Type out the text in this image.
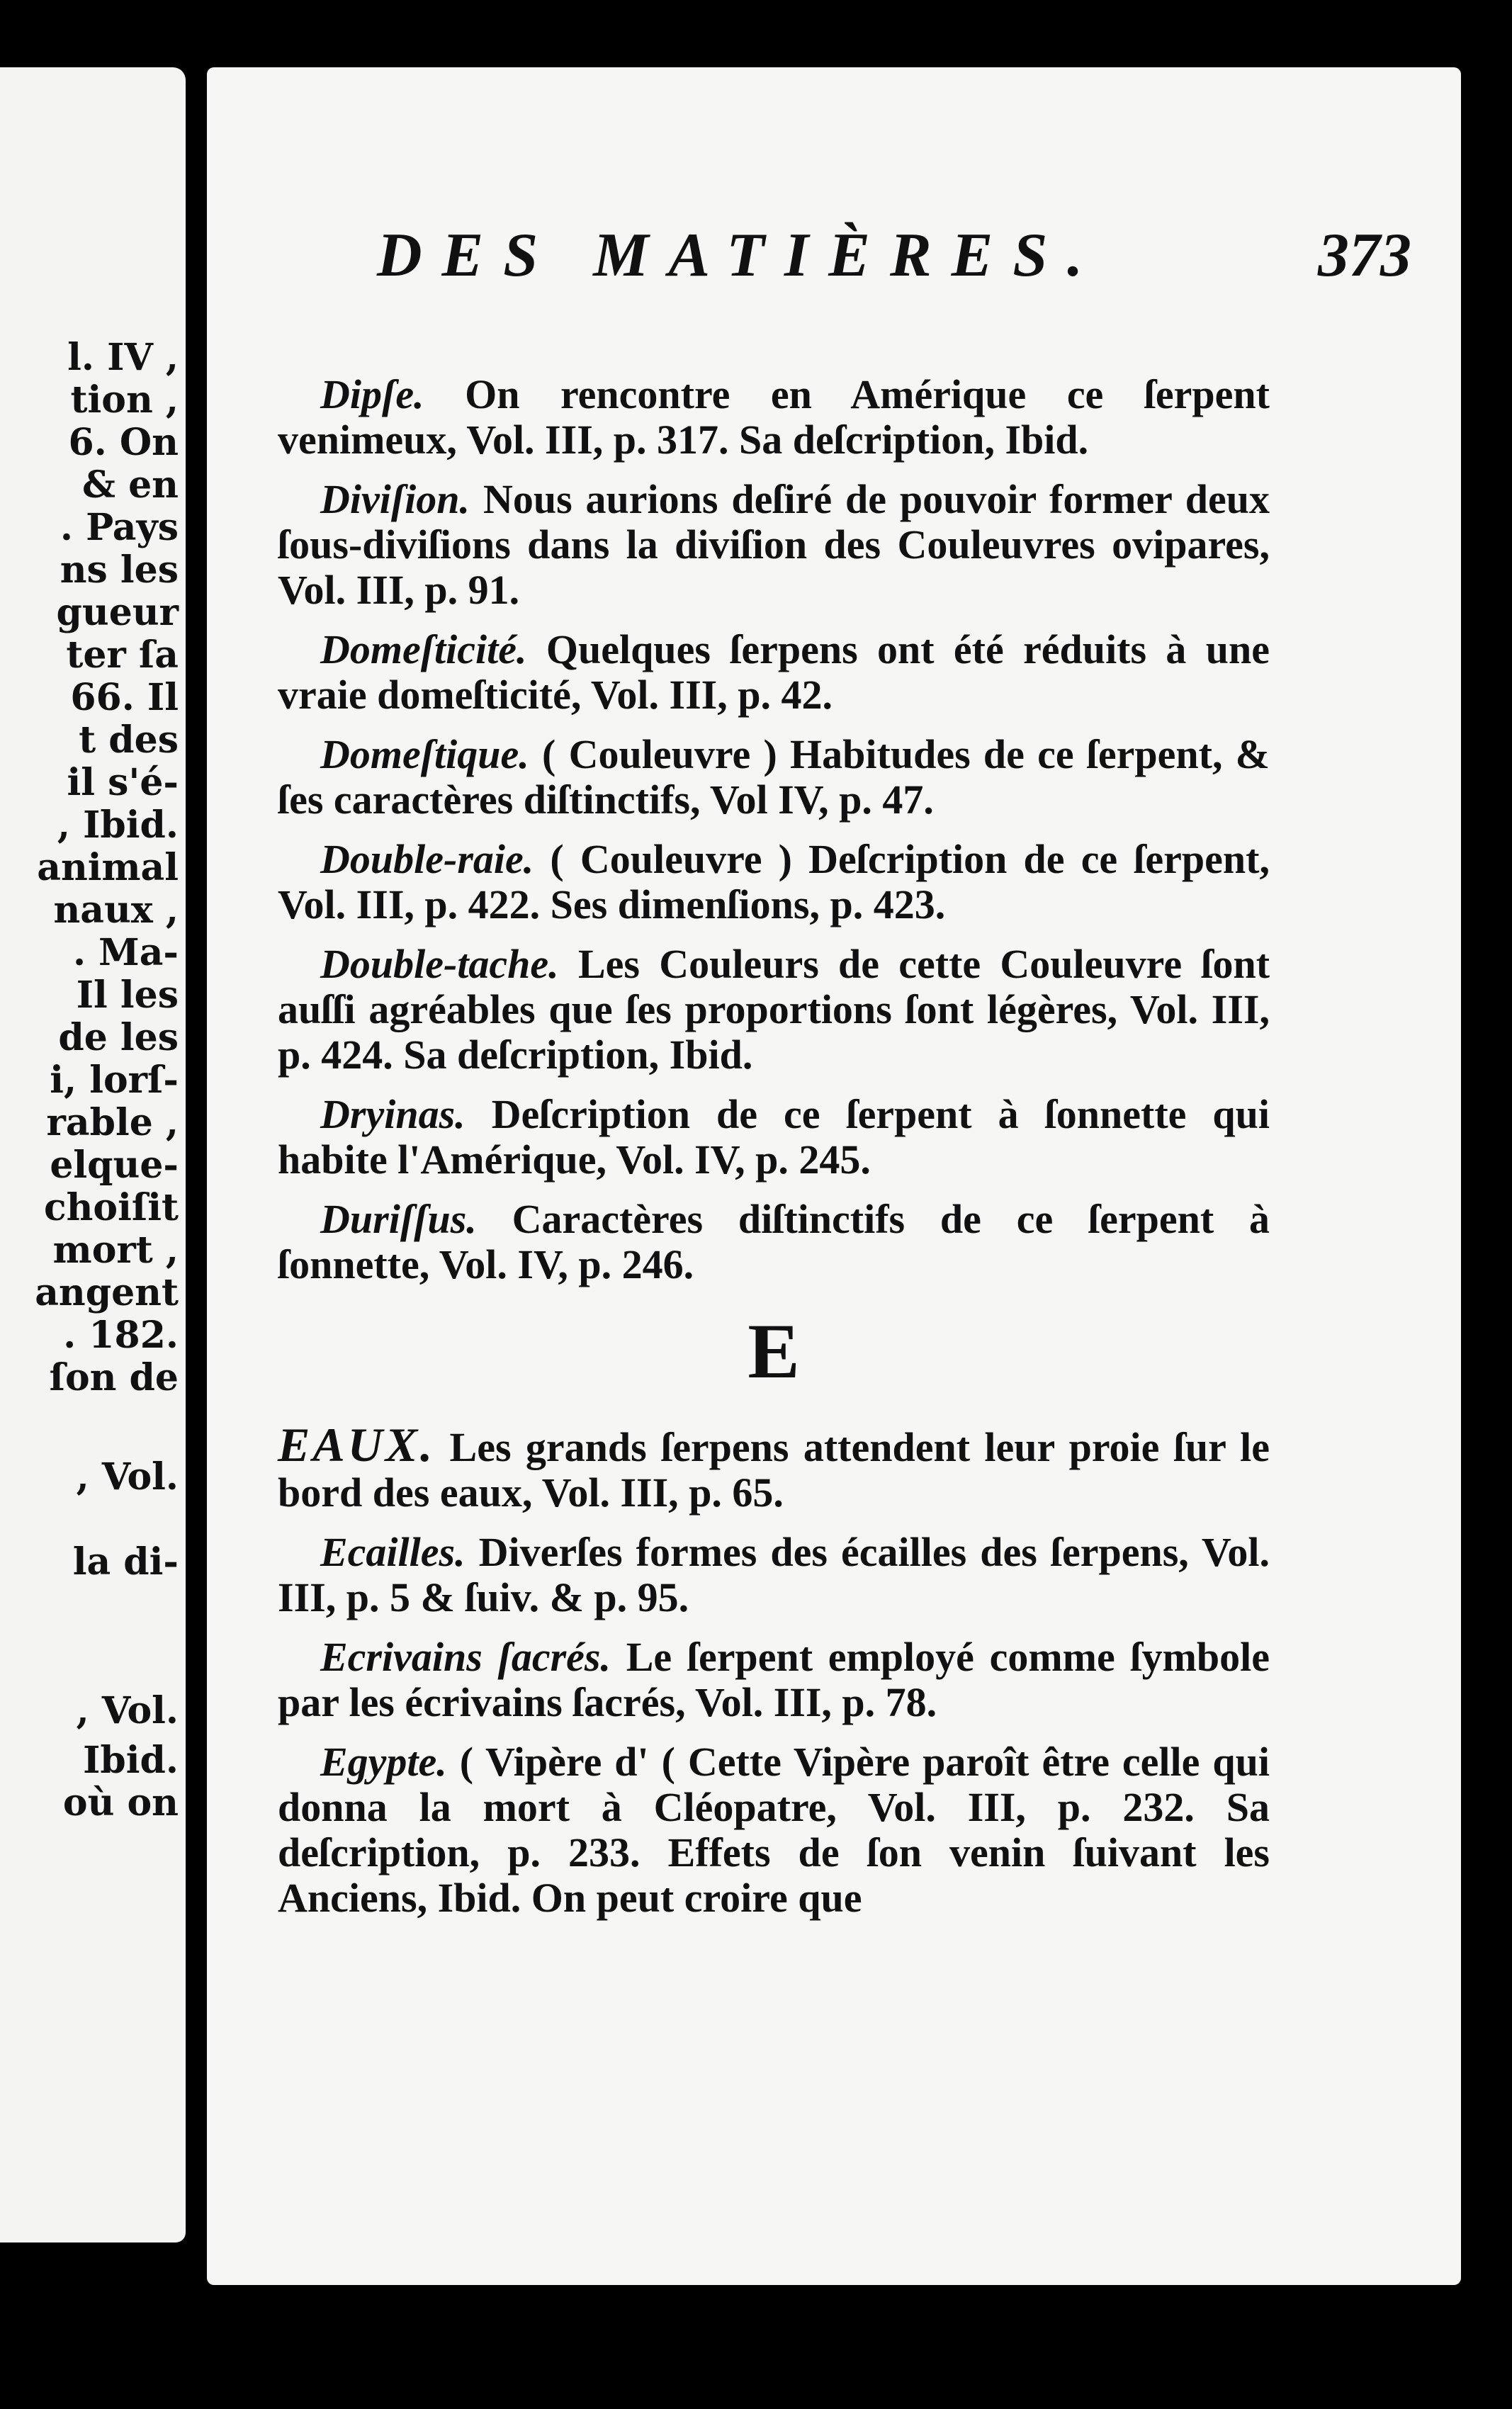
l. IV ,
tion ,
6. On
& en
. Pays
ns les
gueur
ter ſa
66. Il
t des
il s'é-
, Ibid.
animal
naux ,
. Ma-
Il les
de les
i, lorſ-
rable ,
elque-
choiſit
mort ,
angent
. 182.
ſon de
, Vol.
la di-
, Vol.
Ibid.
où on
DES MATIÈRES.	373

Dipſe. On rencontre en Amérique ce ſerpent venimeux, Vol. III, p. 317. Sa deſcription, Ibid.

Diviſion. Nous aurions deſiré de pouvoir former deux ſous-diviſions dans la diviſion des Couleuvres ovipares, Vol. III, p. 91.

Domeſticité. Quelques ſerpens ont été réduits à une vraie domeſticité, Vol. III, p. 42.

Domeſtique. ( Couleuvre ) Habitudes de ce ſerpent, & ſes caractères diſtinctifs, Vol IV, p. 47.

Double-raie. ( Couleuvre ) Deſcription de ce ſerpent, Vol. III, p. 422. Ses dimenſions, p. 423.

Double-tache. Les Couleurs de cette Couleuvre ſont auſſi agréables que ſes proportions ſont légères, Vol. III, p. 424. Sa deſcription, Ibid.

Dryinas. Deſcription de ce ſerpent à ſonnette qui habite l'Amérique, Vol. IV, p. 245.

Duriſſus. Caractères diſtinctifs de ce ſerpent à ſonnette, Vol. IV, p. 246.

E

EAUX. Les grands ſerpens attendent leur proie ſur le bord des eaux, Vol. III, p. 65.

Ecailles. Diverſes formes des écailles des ſerpens, Vol. III, p. 5 & ſuiv. & p. 95.

Ecrivains ſacrés. Le ſerpent employé comme ſymbole par les écrivains ſacrés, Vol. III, p. 78.

Egypte. ( Vipère d' ( Cette Vipère paroît être celle qui donna la mort à Cléopatre, Vol. III, p. 232. Sa deſcription, p. 233. Effets de ſon venin ſuivant les Anciens, Ibid. On peut croire que
